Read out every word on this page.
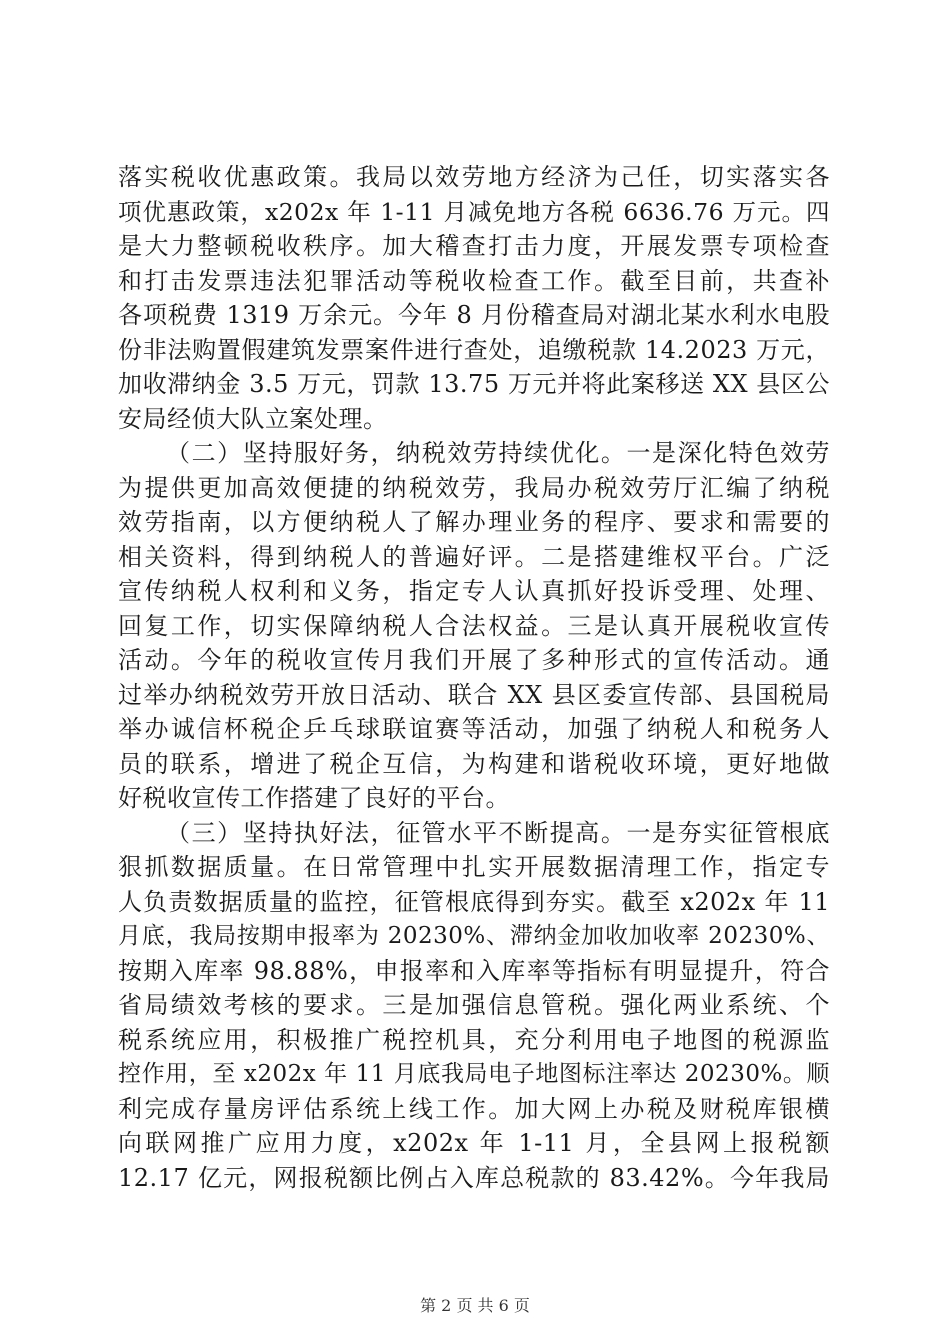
落实税收优惠政策。我局以效劳地方经济为己任，切实落实各
项优惠政策，x202x 年 1-11 月减免地方各税 6636.76 万元。四
是大力整顿税收秩序。加大稽查打击力度，开展发票专项检查
和打击发票违法犯罪活动等税收检查工作。截至目前，共查补
各项税费 1319 万余元。今年 8 月份稽查局对湖北某水利水电股
份非法购置假建筑发票案件进行查处，追缴税款 14.2023 万元，
加收滞纳金 3.5 万元，罚款 13.75 万元并将此案移送 XX 县区公
安局经侦大队立案处理。
（二）坚持服好务，纳税效劳持续优化。一是深化特色效劳
为提供更加高效便捷的纳税效劳，我局办税效劳厅汇编了纳税
效劳指南，以方便纳税人了解办理业务的程序、要求和需要的
相关资料，得到纳税人的普遍好评。二是搭建维权平台。广泛
宣传纳税人权利和义务，指定专人认真抓好投诉受理、处理、
回复工作，切实保障纳税人合法权益。三是认真开展税收宣传
活动。今年的税收宣传月我们开展了多种形式的宣传活动。通
过举办纳税效劳开放日活动、联合 XX 县区委宣传部、县国税局
举办诚信杯税企乒乓球联谊赛等活动，加强了纳税人和税务人
员的联系，增进了税企互信，为构建和谐税收环境，更好地做
好税收宣传工作搭建了良好的平台。
（三）坚持执好法，征管水平不断提高。一是夯实征管根底
狠抓数据质量。在日常管理中扎实开展数据清理工作，指定专
人负责数据质量的监控，征管根底得到夯实。截至 x202x 年 11
月底，我局按期申报率为 20230%、滞纳金加收加收率 20230%、
按期入库率 98.88%，申报率和入库率等指标有明显提升，符合
省局绩效考核的要求。三是加强信息管税。强化两业系统、个
税系统应用，积极推广税控机具，充分利用电子地图的税源监
控作用，至 x202x 年 11 月底我局电子地图标注率达 20230%。顺
利完成存量房评估系统上线工作。加大网上办税及财税库银横
向联网推广应用力度，x202x 年 1-11 月，全县网上报税额
12.17 亿元，网报税额比例占入库总税款的 83.42%。今年我局
第 2 页 共 6 页
